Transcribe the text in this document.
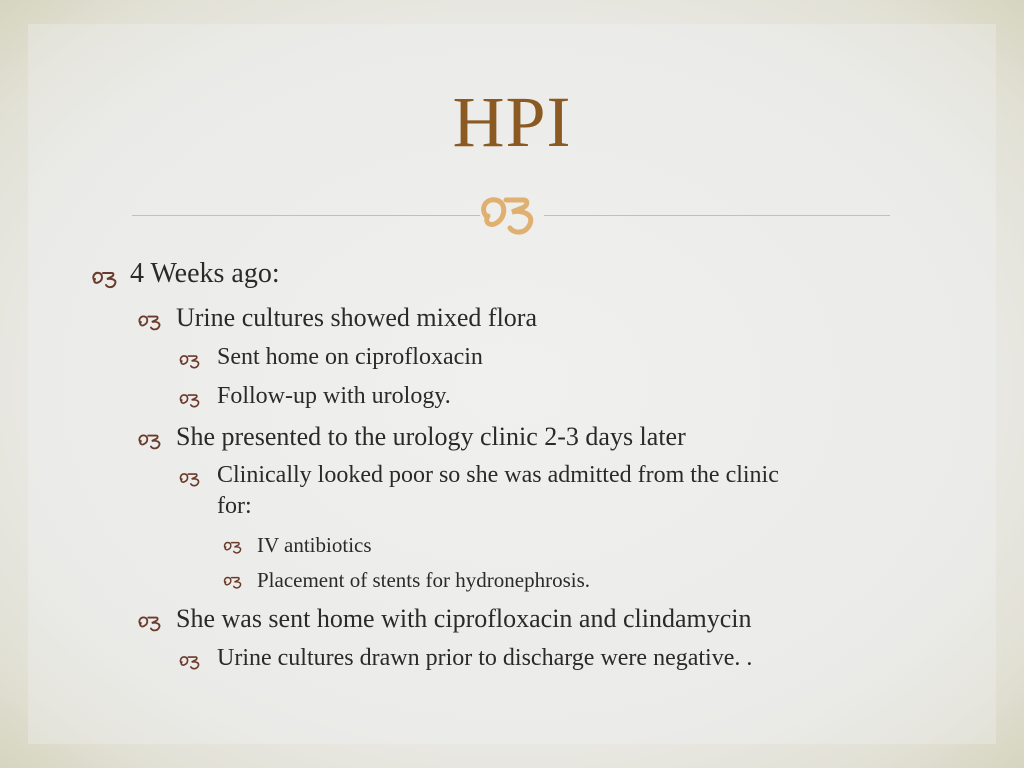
HPI
4 Weeks ago:
Urine cultures showed mixed flora
Sent home on ciprofloxacin
Follow-up with urology.
She presented to the urology clinic 2-3 days later
Clinically looked poor so she was admitted from the clinic
for:
IV antibiotics
Placement of stents for hydronephrosis.
She was sent home with ciprofloxacin and clindamycin
Urine cultures drawn prior to discharge were negative. .
